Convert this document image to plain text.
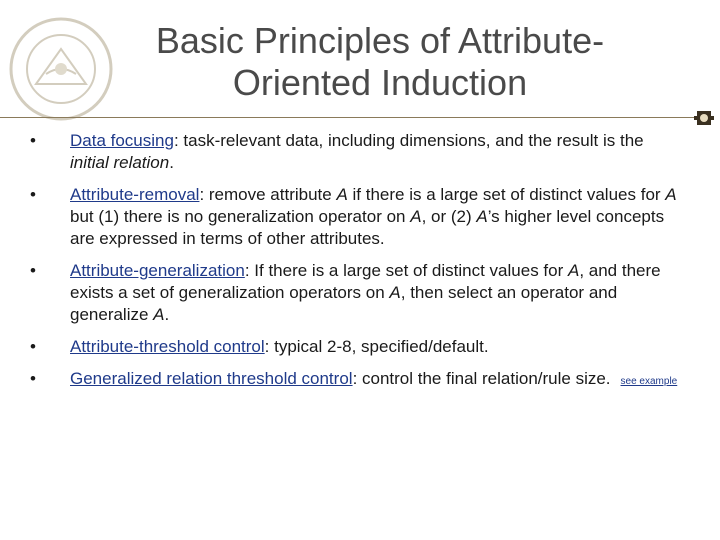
Basic Principles of Attribute-
Oriented Induction
• Data focusing: task-relevant data, including dimensions, and the result is the initial relation.
• Attribute-removal: remove attribute A if there is a large set of distinct values for A but (1) there is no generalization operator on A, or (2) A’s higher level concepts are expressed in terms of other attributes.
• Attribute-generalization: If there is a large set of distinct values for A, and there exists a set of generalization operators on A, then select an operator and generalize A.
• Attribute-threshold control: typical 2-8, specified/default.
• Generalized relation threshold control: control the final relation/rule size. see example
